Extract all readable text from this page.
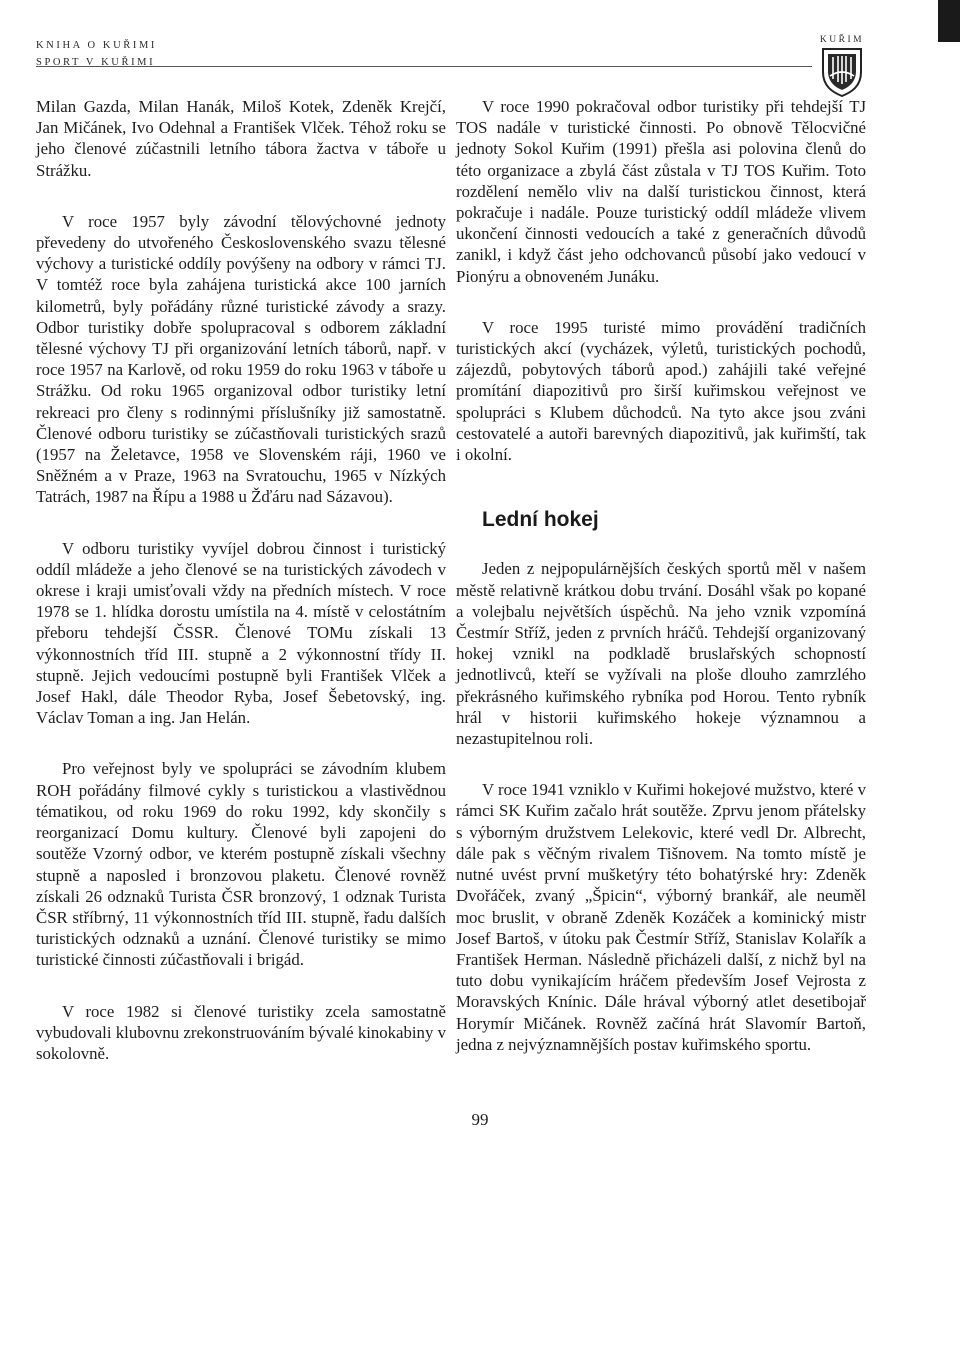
KNIHA O KUŘIMI
SPORT V KUŘIMI
KUŘIM

Milan Gazda, Milan Hanák, Miloš Kotek, Zdeněk Krejčí, Jan Mičánek, Ivo Odehnal a František Vlček. Téhož roku se jeho členové zúčastnili letního tábora žactva v táboře u Strážku.

V roce 1957 byly závodní tělovýchovné jednoty převedeny do utvořeného Československého svazu tělesné výchovy a turistické oddíly povýšeny na odbory v rámci TJ. V tomtéž roce byla zahájena turistická akce 100 jarních kilometrů, byly pořádány různé turistické závody a srazy. Odbor turistiky dobře spolupracoval s odborem základní tělesné výchovy TJ při organizování letních táborů, např. v roce 1957 na Karlově, od roku 1959 do roku 1963 v táboře u Strážku. Od roku 1965 organizoval odbor turistiky letní rekreaci pro členy s rodinnými příslušníky již samostatně. Členové odboru turistiky se zúčastňovali turistických srazů (1957 na Želetavce, 1958 ve Slovenském ráji, 1960 ve Sněžném a v Praze, 1963 na Svratouchu, 1965 v Nízkých Tatrách, 1987 na Řípu a 1988 u Žďáru nad Sázavou).

V odboru turistiky vyvíjel dobrou činnost i turistický oddíl mládeže a jeho členové se na turistických závodech v okrese i kraji umisťovali vždy na předních místech. V roce 1978 se 1. hlídka dorostu umístila na 4. místě v celostátním přeboru tehdejší ČSSR. Členové TOMu získali 13 výkonnostních tříd III. stupně a 2 výkonnostní třídy II. stupně. Jejich vedoucími postupně byli František Vlček a Josef Hakl, dále Theodor Ryba, Josef Šebetovský, ing. Václav Toman a ing. Jan Helán.

Pro veřejnost byly ve spolupráci se závodním klubem ROH pořádány filmové cykly s turistickou a vlastivědnou tématikou, od roku 1969 do roku 1992, kdy skončily s reorganizací Domu kultury. Členové byli zapojeni do soutěže Vzorný odbor, ve kterém postupně získali všechny stupně a naposled i bronzovou plaketu. Členové rovněž získali 26 odznaků Turista ČSR bronzový, 1 odznak Turista ČSR stříbrný, 11 výkonnostních tříd III. stupně, řadu dalších turistických odznaků a uznání. Členové turistiky se mimo turistické činnosti zúčastňovali i brigád.

V roce 1982 si členové turistiky zcela samostatně vybudovali klubovnu zrekonstruováním bývalé kinokabiny v sokolovně.

V roce 1990 pokračoval odbor turistiky při tehdejší TJ TOS nadále v turistické činnosti. Po obnově Tělocvičné jednoty Sokol Kuřim (1991) přešla asi polovina členů do této organizace a zbylá část zůstala v TJ TOS Kuřim. Toto rozdělení nemělo vliv na další turistickou činnost, která pokračuje i nadále. Pouze turistický oddíl mládeže vlivem ukončení činnosti vedoucích a také z generačních důvodů zanikl, i když část jeho odchovanců působí jako vedoucí v Pionýru a obnoveném Junáku.

V roce 1995 turisté mimo provádění tradičních turistických akcí (vycházek, výletů, turistických pochodů, zájezdů, pobytových táborů apod.) zahájili také veřejné promítání diapozitivů pro širší kuřimskou veřejnost ve spolupráci s Klubem důchodců. Na tyto akce jsou zváni cestovatelé a autoři barevných diapozitivů, jak kuřimští, tak i okolní.

Lední hokej

Jeden z nejpopulárnějších českých sportů měl v našem městě relativně krátkou dobu trvání. Dosáhl však po kopané a volejbalu největších úspěchů. Na jeho vznik vzpomíná Čestmír Stříž, jeden z prvních hráčů. Tehdejší organizovaný hokej vznikl na podkladě bruslařských schopností jednotlivců, kteří se vyžívali na ploše dlouho zamrzlého překrásného kuřimského rybníka pod Horou. Tento rybník hrál v historii kuřimského hokeje významnou a nezastupitelnou roli.

V roce 1941 vzniklo v Kuřimi hokejové mužstvo, které v rámci SK Kuřim začalo hrát soutěže. Zprvu jenom přátelsky s výborným družstvem Lelekovic, které vedl Dr. Albrecht, dále pak s věčným rivalem Tišnovem. Na tomto místě je nutné uvést první mušketýry této bohatýrské hry: Zdeněk Dvořáček, zvaný „Špicin“, výborný brankář, ale neuměl moc bruslit, v obraně Zdeněk Kozáček a kominický mistr Josef Bartoš, v útoku pak Čestmír Stříž, Stanislav Kolařík a František Herman. Následně přicházeli další, z nichž byl na tuto dobu vynikajícím hráčem především Josef Vejrosta z Moravských Knínic. Dále hrával výborný atlet desetibojař Horymír Mičánek. Rovněž začíná hrát Slavomír Bartoň, jedna z nejvýznamnějších postav kuřimského sportu.

99
